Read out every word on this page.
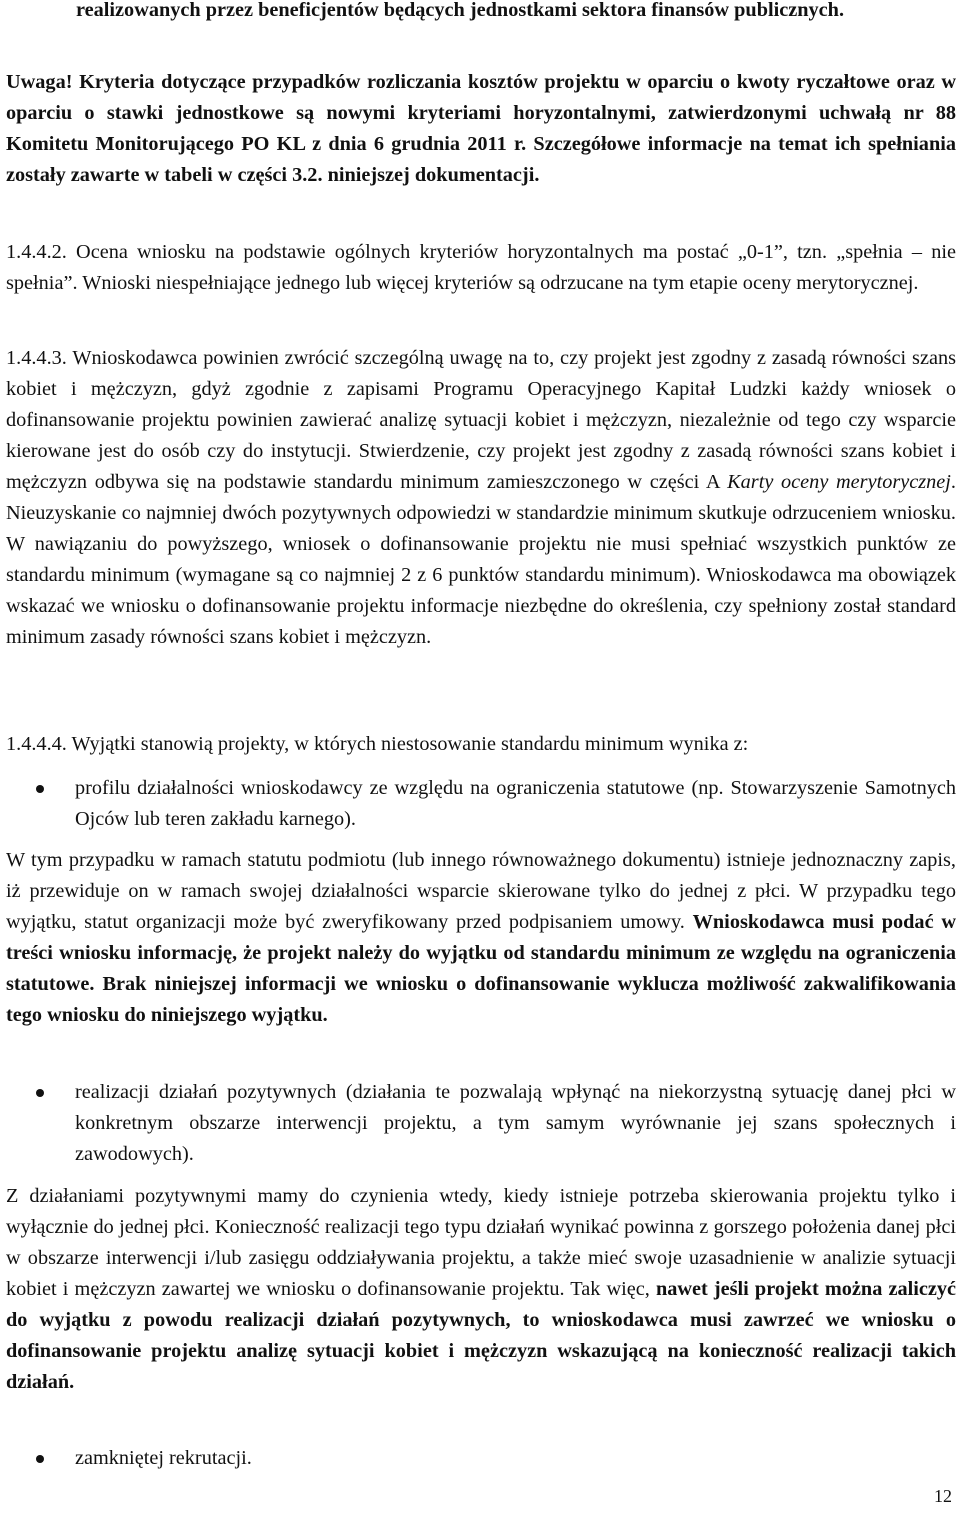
realizowanych przez beneficjentów będących jednostkami sektora finansów publicznych.

Uwaga! Kryteria dotyczące przypadków rozliczania kosztów projektu w oparciu o kwoty ryczałtowe oraz w oparciu o stawki jednostkowe są nowymi kryteriami horyzontalnymi, zatwierdzonymi uchwałą nr 88 Komitetu Monitorującego PO KL z dnia 6 grudnia 2011 r. Szczegółowe informacje na temat ich spełniania zostały zawarte w tabeli w części 3.2. niniejszej dokumentacji.

1.4.4.2. Ocena wniosku na podstawie ogólnych kryteriów horyzontalnych ma postać „0-1”, tzn. „spełnia – nie spełnia”. Wnioski niespełniające jednego lub więcej kryteriów są odrzucane na tym etapie oceny merytorycznej.

1.4.4.3. Wnioskodawca powinien zwrócić szczególną uwagę na to, czy projekt jest zgodny z zasadą równości szans kobiet i mężczyzn, gdyż zgodnie z zapisami Programu Operacyjnego Kapitał Ludzki każdy wniosek o dofinansowanie projektu powinien zawierać analizę sytuacji kobiet i mężczyzn, niezależnie od tego czy wsparcie kierowane jest do osób czy do instytucji. Stwierdzenie, czy projekt jest zgodny z zasadą równości szans kobiet i mężczyzn odbywa się na podstawie standardu minimum zamieszczonego w części A Karty oceny merytorycznej. Nieuzyskanie co najmniej dwóch pozytywnych odpowiedzi w standardzie minimum skutkuje odrzuceniem wniosku. W nawiązaniu do powyższego, wniosek o dofinansowanie projektu nie musi spełniać wszystkich punktów ze standardu minimum (wymagane są co najmniej 2 z 6 punktów standardu minimum). Wnioskodawca ma obowiązek wskazać we wniosku o dofinansowanie projektu informacje niezbędne do określenia, czy spełniony został standard minimum zasady równości szans kobiet i mężczyzn.

1.4.4.4. Wyjątki stanowią projekty, w których niestosowanie standardu minimum wynika z:

profilu działalności wnioskodawcy ze względu na ograniczenia statutowe (np. Stowarzyszenie Samotnych Ojców lub teren zakładu karnego).

W tym przypadku w ramach statutu podmiotu (lub innego równoważnego dokumentu) istnieje jednoznaczny zapis, iż przewiduje on w ramach swojej działalności wsparcie skierowane tylko do jednej z płci. W przypadku tego wyjątku, statut organizacji może być zweryfikowany przed podpisaniem umowy. Wnioskodawca musi podać w treści wniosku informację, że projekt należy do wyjątku od standardu minimum ze względu na ograniczenia statutowe. Brak niniejszej informacji we wniosku o dofinansowanie wyklucza możliwość zakwalifikowania tego wniosku do niniejszego wyjątku.

realizacji działań pozytywnych (działania te pozwalają wpłynąć na niekorzystną sytuację danej płci w konkretnym obszarze interwencji projektu, a tym samym wyrównanie jej szans społecznych i zawodowych).

Z działaniami pozytywnymi mamy do czynienia wtedy, kiedy istnieje potrzeba skierowania projektu tylko i wyłącznie do jednej płci. Konieczność realizacji tego typu działań wynikać powinna z gorszego położenia danej płci w obszarze interwencji i/lub zasięgu oddziaływania projektu, a także mieć swoje uzasadnienie w analizie sytuacji kobiet i mężczyzn zawartej we wniosku o dofinansowanie projektu. Tak więc, nawet jeśli projekt można zaliczyć do wyjątku z powodu realizacji działań pozytywnych, to wnioskodawca musi zawrzeć we wniosku o dofinansowanie projektu analizę sytuacji kobiet i mężczyzn wskazującą na konieczność realizacji takich działań.

zamkniętej rekrutacji.

12
